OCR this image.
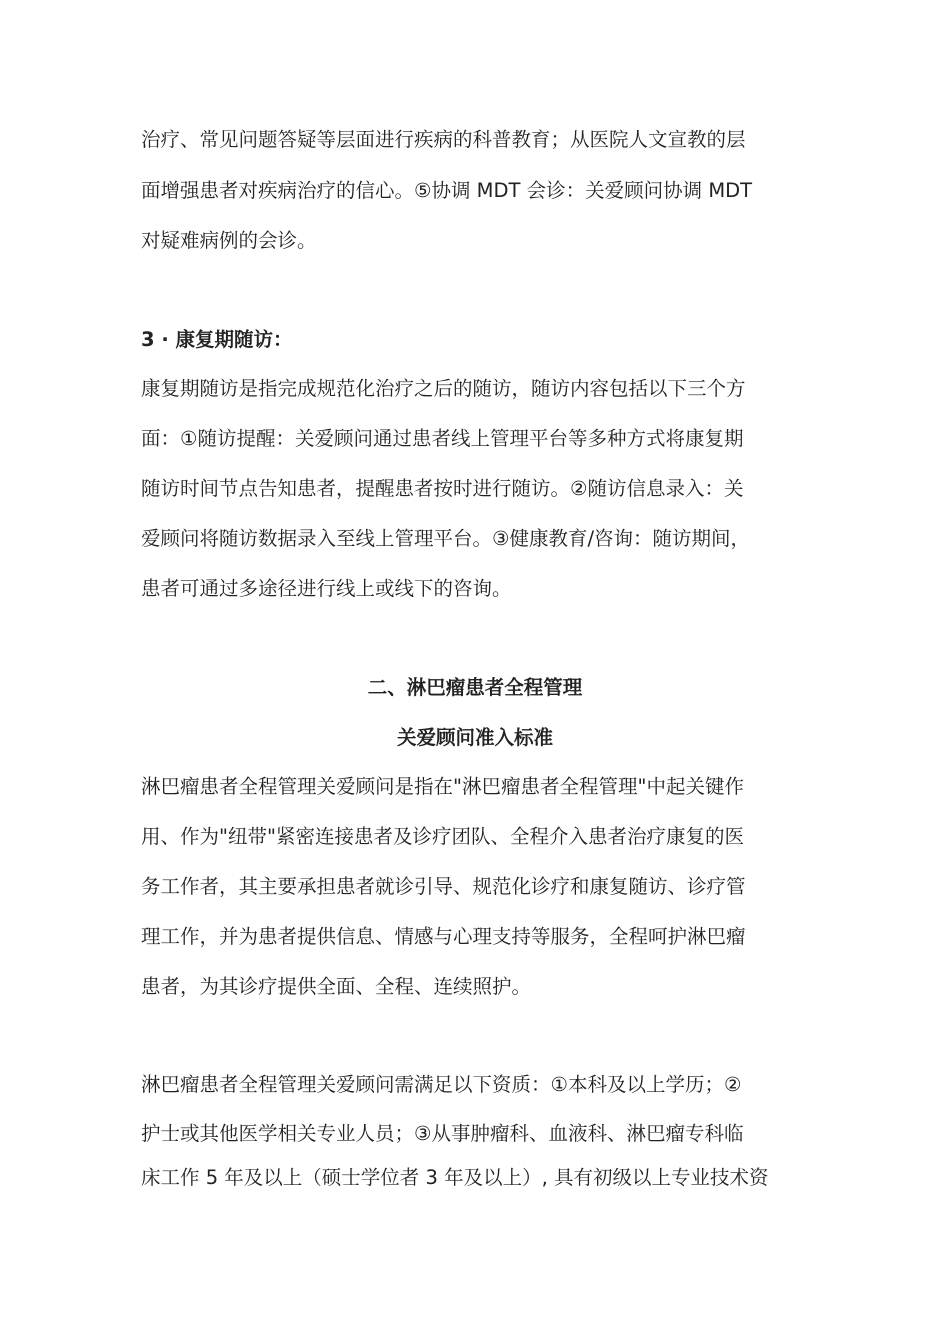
治疗、常见问题答疑等层面进行疾病的科普教育；从医院人文宣教的层
面增强患者对疾病治疗的信心。⑤协调 MDT 会诊：关爱顾问协调 MDT
对疑难病例的会诊。
3 · 康复期随访：
康复期随访是指完成规范化治疗之后的随访，随访内容包括以下三个方
面：①随访提醒：关爱顾问通过患者线上管理平台等多种方式将康复期
随访时间节点告知患者，提醒患者按时进行随访。②随访信息录入：关
爱顾问将随访数据录入至线上管理平台。③健康教育/咨询：随访期间，
患者可通过多途径进行线上或线下的咨询。
二、淋巴瘤患者全程管理
关爱顾问准入标准
淋巴瘤患者全程管理关爱顾问是指在"淋巴瘤患者全程管理"中起关键作
用、作为"纽带"紧密连接患者及诊疗团队、全程介入患者治疗康复的医
务工作者，其主要承担患者就诊引导、规范化诊疗和康复随访、诊疗管
理工作，并为患者提供信息、情感与心理支持等服务，全程呵护淋巴瘤
患者，为其诊疗提供全面、全程、连续照护。
淋巴瘤患者全程管理关爱顾问需满足以下资质：①本科及以上学历；②
护士或其他医学相关专业人员；③从事肿瘤科、血液科、淋巴瘤专科临
床工作 5 年及以上（硕士学位者 3 年及以上）, 具有初级以上专业技术资
